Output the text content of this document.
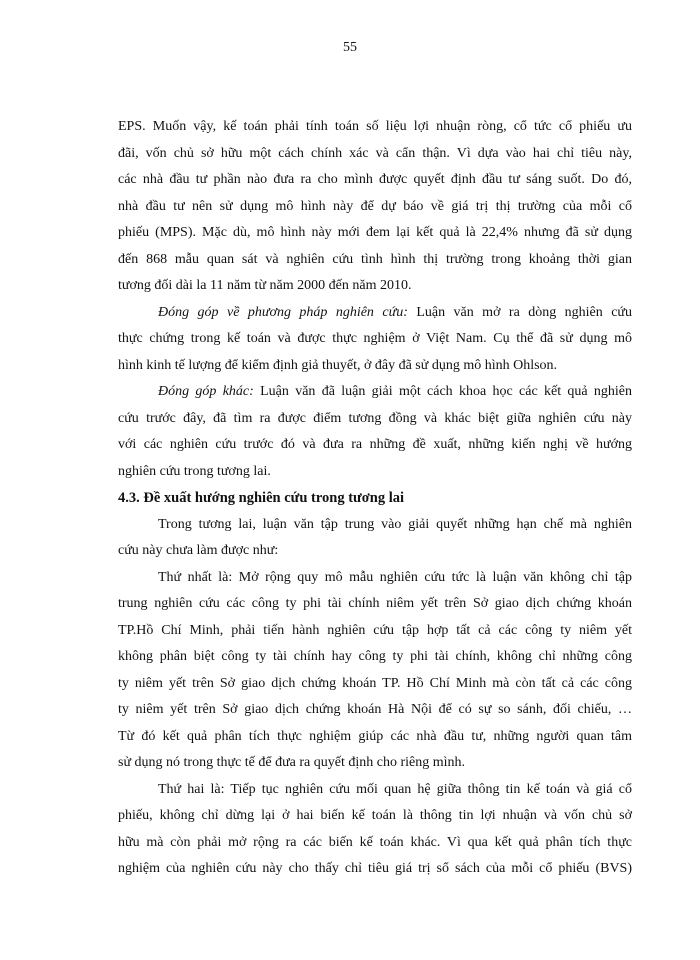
55
EPS. Muốn vậy, kế toán phải tính toán số liệu lợi nhuận ròng, cổ tức cổ phiếu ưu
đãi, vốn chủ sở hữu một cách chính xác và cẩn thận. Vì dựa vào hai chỉ tiêu này,
các nhà đầu tư phần nào đưa ra cho mình được quyết định đầu tư sáng suốt. Do đó,
nhà đầu tư nên sử dụng mô hình này để dự báo về giá trị thị trường của mỗi cổ
phiếu (MPS). Mặc dù, mô hình này mới đem lại kết quả là 22,4% nhưng đã sử dụng
đến 868 mẫu quan sát và nghiên cứu tình hình thị trường trong khoảng thời gian
tương đối dài la 11 năm từ năm 2000 đến năm 2010.
Đóng góp về phương pháp nghiên cứu: Luận văn mở ra dòng nghiên cứu
thực chứng trong kế toán và được thực nghiệm ở Việt Nam. Cụ thể đã sử dụng mô
hình kinh tế lượng để kiểm định giả thuyết, ở đây đã sử dụng mô hình Ohlson.
Đóng góp khác: Luận văn đã luận giải một cách khoa học các kết quả nghiên
cứu trước đây, đã tìm ra được điểm tương đồng và khác biệt giữa nghiên cứu này
với các nghiên cứu trước đó và đưa ra những đề xuất, những kiến nghị về hướng
nghiên cứu trong tương lai.
4.3. Đề xuất hướng nghiên cứu trong tương lai
Trong tương lai, luận văn tập trung vào giải quyết những hạn chế mà nghiên
cứu này chưa làm được như:
Thứ nhất là: Mở rộng quy mô mẫu nghiên cứu tức là luận văn không chỉ tập
trung nghiên cứu các công ty phi tài chính niêm yết trên Sở giao dịch chứng khoán
TP.Hồ Chí Minh, phải tiến hành nghiên cứu tập hợp tất cả các công ty niêm yết
không phân biệt công ty tài chính hay công ty phi tài chính, không chỉ những công
ty niêm yết trên Sở giao dịch chứng khoán TP. Hồ Chí Minh mà còn tất cả các công
ty niêm yết trên Sở giao dịch chứng khoán Hà Nội để có sự so sánh, đối chiếu, …
Từ đó kết quả phân tích thực nghiệm giúp các nhà đầu tư, những người quan tâm
sử dụng nó trong thực tế để đưa ra quyết định cho riêng mình.
Thứ hai là: Tiếp tục nghiên cứu mối quan hệ giữa thông tin kế toán và giá cổ
phiếu, không chỉ dừng lại ở hai biến kế toán là thông tin lợi nhuận và vốn chủ sở
hữu mà còn phải mở rộng ra các biến kế toán khác. Vì qua kết quả phân tích thực
nghiệm của nghiên cứu này cho thấy chỉ tiêu giá trị sổ sách của mỗi cổ phiếu (BVS)
